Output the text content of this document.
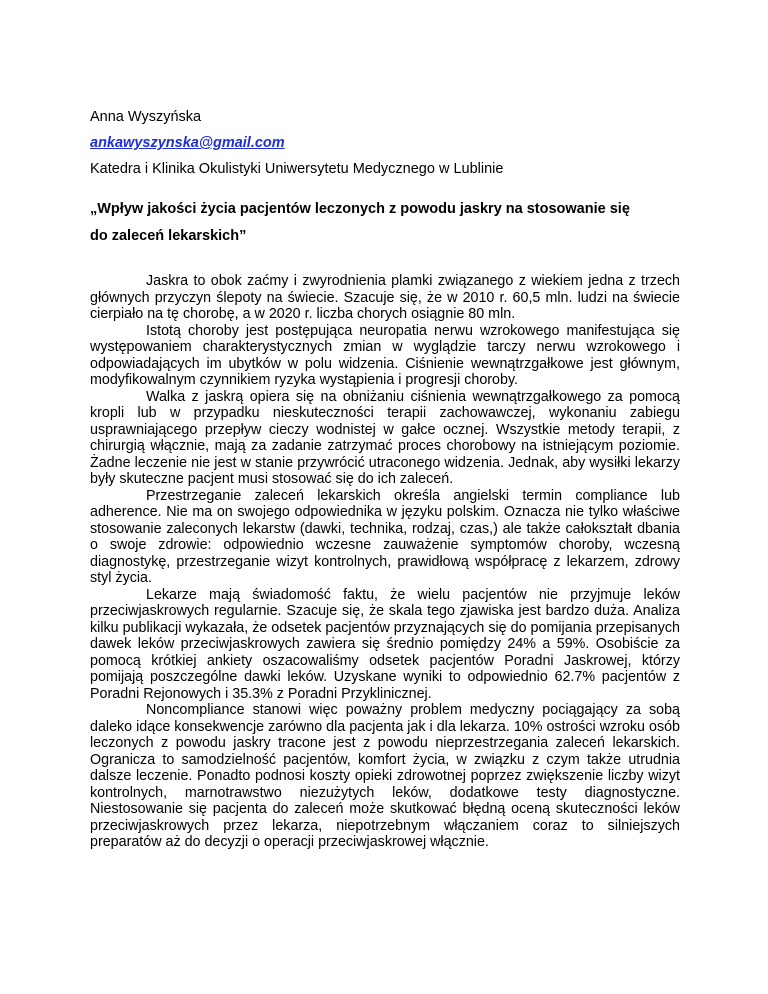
Anna Wyszyńska
ankawyszynska@gmail.com
Katedra i Klinika Okulistyki Uniwersytetu Medycznego w Lublinie
„Wpływ jakości życia pacjentów leczonych z powodu jaskry na stosowanie się
do zaleceń lekarskich”

Jaskra to obok zaćmy i zwyrodnienia plamki związanego z wiekiem jedna z trzech głównych przyczyn ślepoty na świecie. Szacuje się, że w 2010 r. 60,5 mln. ludzi na świecie cierpiało na tę chorobę, a w 2020 r. liczba chorych osiągnie 80 mln.

Istotą choroby jest postępująca neuropatia nerwu wzrokowego manifestująca się występowaniem charakterystycznych zmian w wyglądzie tarczy nerwu wzrokowego i odpowiadających im ubytków w polu widzenia. Ciśnienie wewnątrzgałkowe jest głównym, modyfikowalnym czynnikiem ryzyka wystąpienia i progresji choroby.

Walka z jaskrą opiera się na obniżaniu ciśnienia wewnątrzgałkowego za pomocą kropli lub w przypadku nieskuteczności terapii zachowawczej, wykonaniu zabiegu usprawniającego przepływ cieczy wodnistej w gałce ocznej. Wszystkie metody terapii, z chirurgią włącznie, mają za zadanie zatrzymać proces chorobowy na istniejącym poziomie. Żadne leczenie nie jest w stanie przywrócić utraconego widzenia. Jednak, aby wysiłki lekarzy były skuteczne pacjent musi stosować się do ich zaleceń.

Przestrzeganie zaleceń lekarskich określa angielski termin compliance lub adherence. Nie ma on swojego odpowiednika w języku polskim. Oznacza nie tylko właściwe stosowanie zaleconych lekarstw (dawki, technika, rodzaj, czas,) ale także całokształt dbania o swoje zdrowie: odpowiednio wczesne zauważenie symptomów choroby, wczesną diagnostykę, przestrzeganie wizyt kontrolnych, prawidłową współpracę z lekarzem, zdrowy styl życia.

Lekarze mają świadomość faktu, że wielu pacjentów nie przyjmuje leków przeciwjaskrowych regularnie. Szacuje się, że skala tego zjawiska jest bardzo duża. Analiza kilku publikacji wykazała, że odsetek pacjentów przyznających się do pomijania przepisanych dawek leków przeciwjaskrowych zawiera się średnio pomiędzy 24% a 59%. Osobiście za pomocą krótkiej ankiety oszacowaliśmy odsetek pacjentów Poradni Jaskrowej, którzy pomijają poszczególne dawki leków. Uzyskane wyniki to odpowiednio 62.7% pacjentów z Poradni Rejonowych i 35.3% z Poradni Przyklinicznej.

Noncompliance stanowi więc poważny problem medyczny pociągający za sobą daleko idące konsekwencje zarówno dla pacjenta jak i dla lekarza. 10% ostrości wzroku osób leczonych z powodu jaskry tracone jest z powodu nieprzestrzegania zaleceń lekarskich. Ogranicza to samodzielność pacjentów, komfort życia, w związku z czym także utrudnia dalsze leczenie. Ponadto podnosi koszty opieki zdrowotnej poprzez zwiększenie liczby wizyt kontrolnych, marnotrawstwo niezużytych leków, dodatkowe testy diagnostyczne. Niestosowanie się pacjenta do zaleceń może skutkować błędną oceną skuteczności leków przeciwjaskrowych przez lekarza, niepotrzebnym włączaniem coraz to silniejszych preparatów aż do decyzji o operacji przeciwjaskrowej włącznie.
